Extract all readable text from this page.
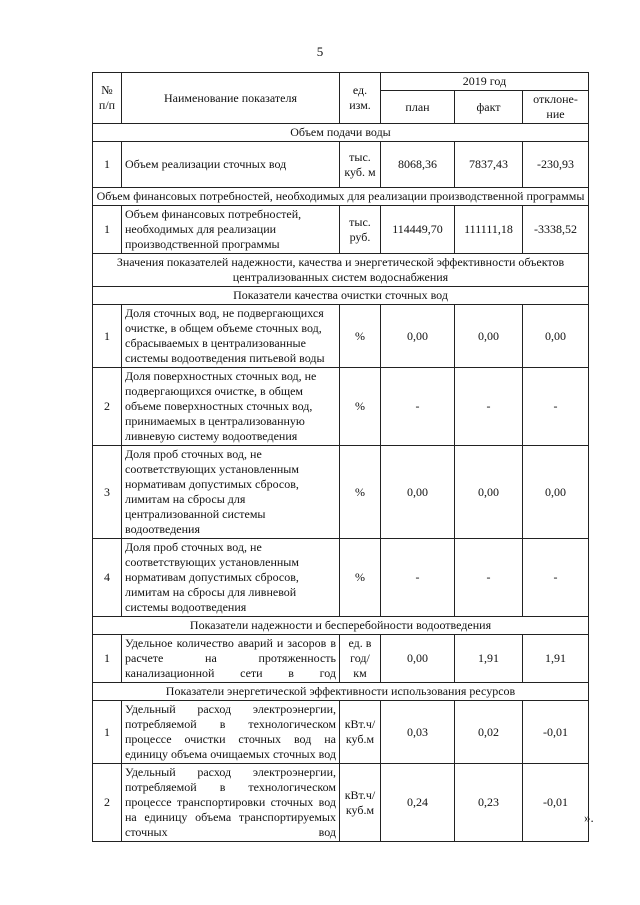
5
№ п/п	Наименование показателя	ед. изм.	2019 год		
			план	факт	отклоне-ние
Объем подачи воды					
1	Объем реализации сточных вод	тыс. куб. м	8068,36	7837,43	-230,93
Объем финансовых потребностей, необходимых для реализации производственной программы					
1	Объем финансовых потребностей, необходимых для реализации производственной программы	тыс. руб.	114449,70	111111,18	-3338,52
Значения показателей надежности, качества и энергетической эффективности объектов централизованных систем водоснабжения					
Показатели качества очистки сточных вод					
1	Доля сточных вод, не подвергающихся очистке, в общем объеме сточных вод, сбрасываемых в централизованные системы водоотведения питьевой воды	%	0,00	0,00	0,00
2	Доля поверхностных сточных вод, не подвергающихся очистке, в общем объеме поверхностных сточных вод, принимаемых в централизованную ливневую систему водоотведения	%	-	-	-
3	Доля проб сточных вод, не соответствующих установленным нормативам допустимых сбросов, лимитам на сбросы для централизованной системы водоотведения	%	0,00	0,00	0,00
4	Доля проб сточных вод, не соответствующих установленным нормативам допустимых сбросов, лимитам на сбросы для ливневой системы водоотведения	%	-	-	-
Показатели надежности и бесперебойности водоотведения					
1	Удельное количество аварий и засоров в расчете на протяженность канализационной сети в год	ед. в год/ км	0,00	1,91	1,91
Показатели энергетической эффективности использования ресурсов					
1	Удельный расход электроэнергии, потребляемой в технологическом процессе очистки сточных вод на единицу объема очищаемых сточных вод	кВт.ч/ куб.м	0,03	0,02	-0,01
2	Удельный расход электроэнергии, потребляемой в технологическом процессе транспортировки сточных вод на единицу объема транспортируемых сточных вод	кВт.ч/ куб.м	0,24	0,23	-0,01
».
